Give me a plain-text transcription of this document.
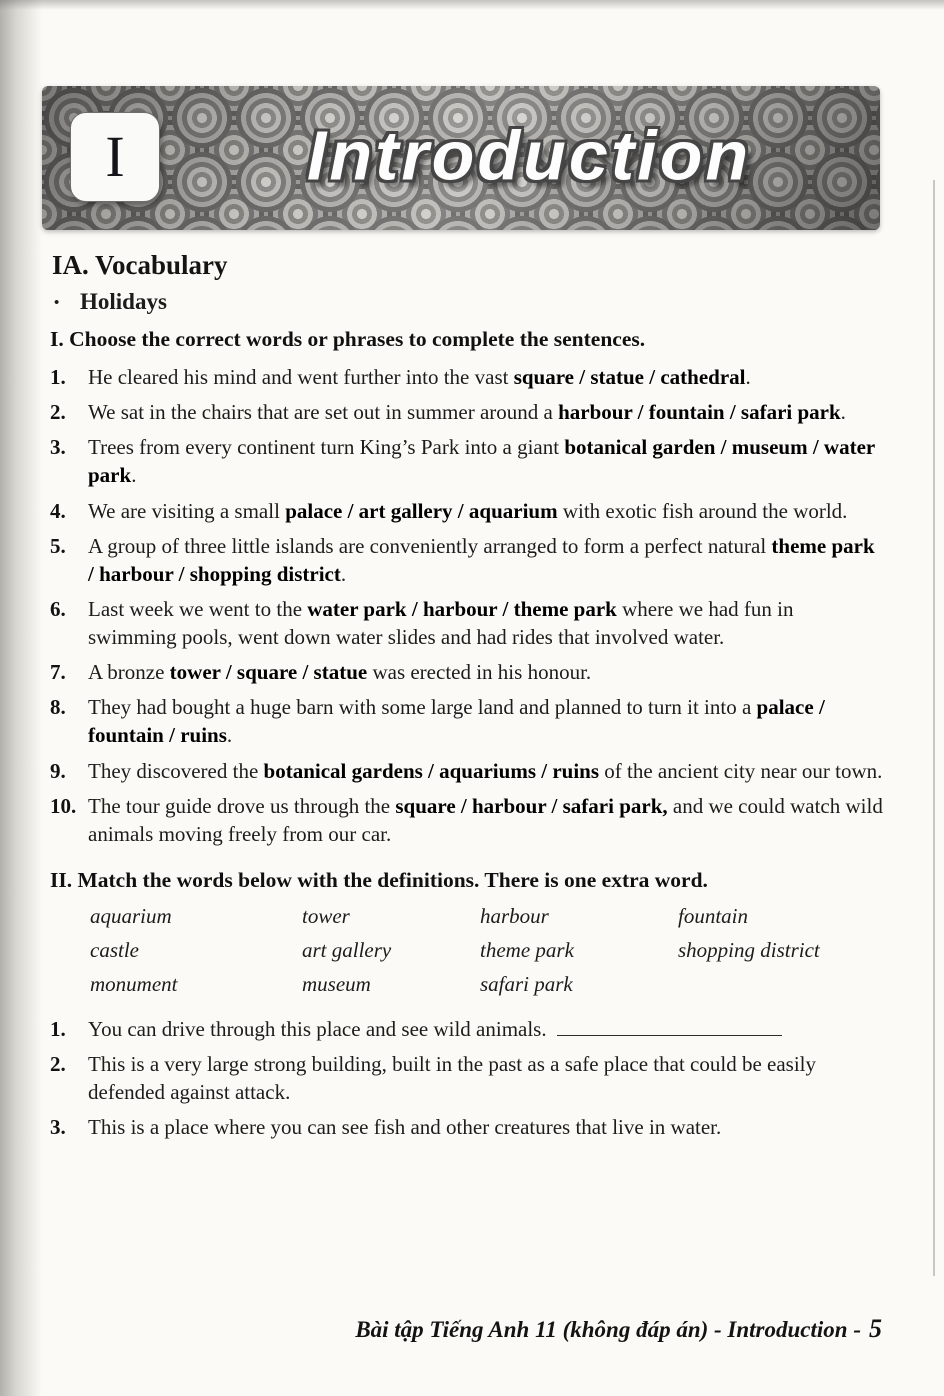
I	Introduction
IA. Vocabulary
• Holidays
I. Choose the correct words or phrases to complete the sentences.
1.	He cleared his mind and went further into the vast square / statue / cathedral.
2.	We sat in the chairs that are set out in summer around a harbour / fountain / safari park.
3.	Trees from every continent turn King’s Park into a giant botanical garden / museum / water park.
4.	We are visiting a small palace / art gallery / aquarium with exotic fish around the world.
5.	A group of three little islands are conveniently arranged to form a perfect natural theme park / harbour / shopping district.
6.	Last week we went to the water park / harbour / theme park where we had fun in swimming pools, went down water slides and had rides that involved water.
7.	A bronze tower / square / statue was erected in his honour.
8.	They had bought a huge barn with some large land and planned to turn it into a palace / fountain / ruins.
9.	They discovered the botanical gardens / aquariums / ruins of the ancient city near our town.
10. The tour guide drove us through the square / harbour / safari park, and we could watch wild animals moving freely from our car.
II. Match the words below with the definitions. There is one extra word.
aquarium	tower	harbour	fountain
castle	art gallery	theme park	shopping district
monument	museum	safari park
1.	You can drive through this place and see wild animals.
2.	This is a very large strong building, built in the past as a safe place that could be easily defended against attack.
3.	This is a place where you can see fish and other creatures that live in water.
Bài tập Tiếng Anh 11 (không đáp án) - Introduction - 5
